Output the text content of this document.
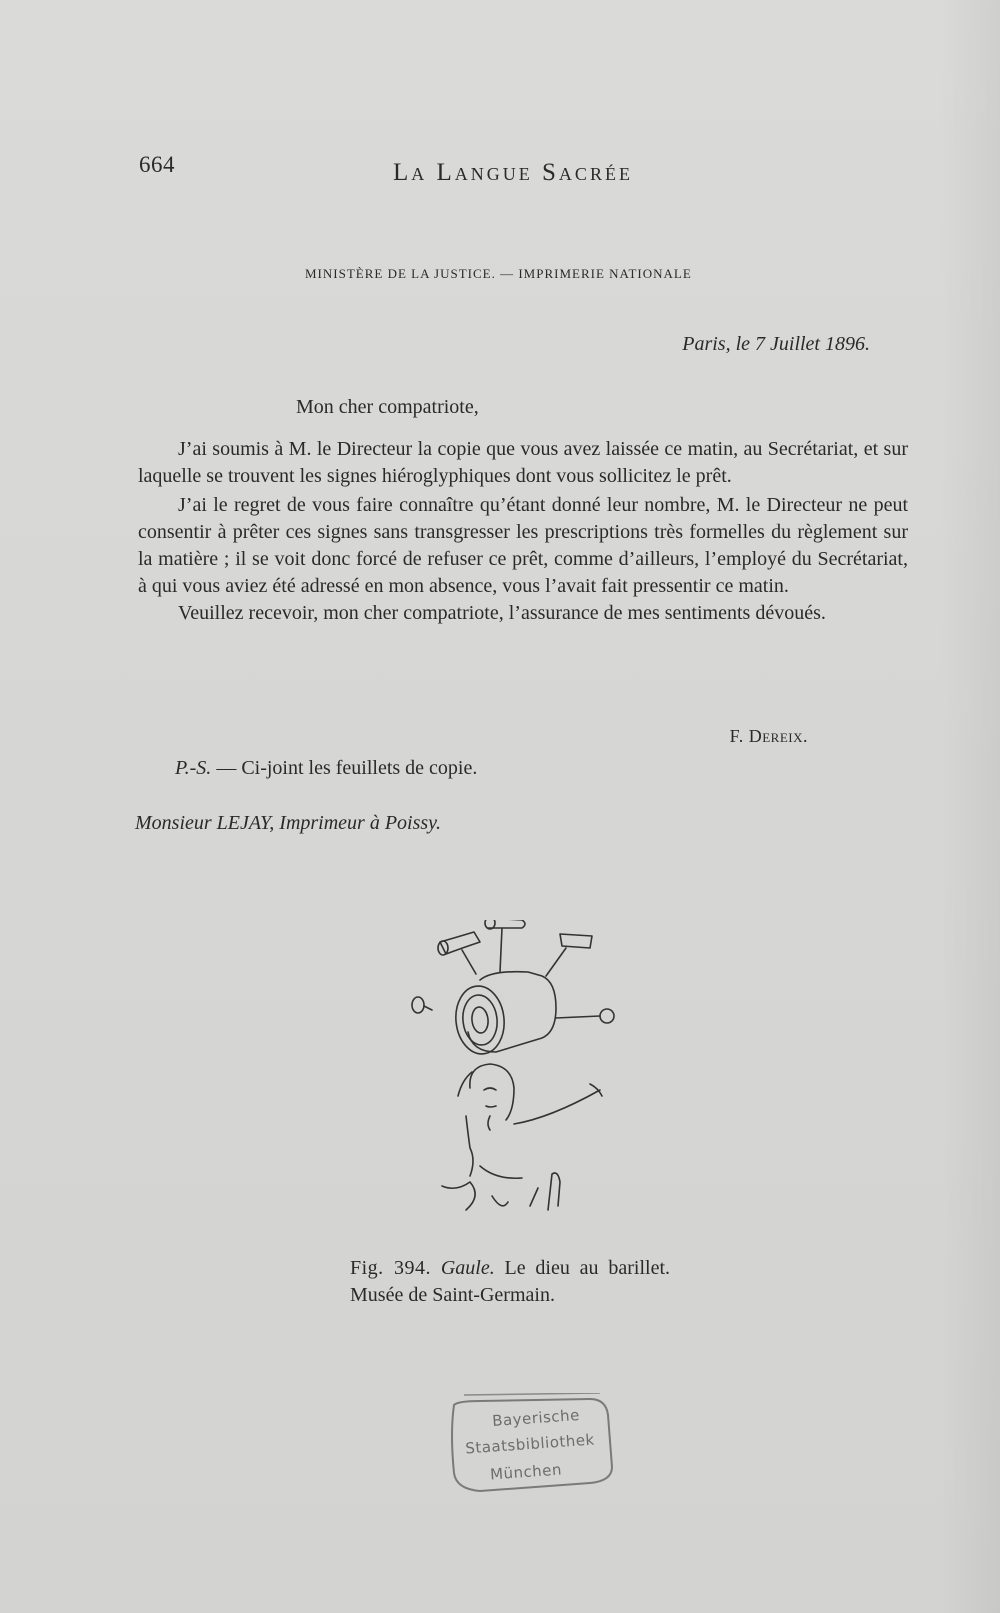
664	La Langue Sacrée
MINISTÈRE DE LA JUSTICE. — IMPRIMERIE NATIONALE
Paris, le 7 Juillet 1896.
Mon cher compatriote,

J’ai soumis à M. le Directeur la copie que vous avez laissée ce matin, au Secrétariat, et sur laquelle se trouvent les signes hiéroglyphiques dont vous sollicitez le prêt.

J’ai le regret de vous faire connaître qu’étant donné leur nombre, M. le Directeur ne peut consentir à prêter ces signes sans transgresser les prescriptions très formelles du règlement sur la matière ; il se voit donc forcé de refuser ce prêt, comme d’ailleurs, l’employé du Secrétariat, à qui vous aviez été adressé en mon absence, vous l’avait fait pressentir ce matin.

Veuillez recevoir, mon cher compatriote, l’assurance de mes sentiments dévoués.

F. Dereix.
P.-S. — Ci-joint les feuillets de copie.
Monsieur LEJAY, Imprimeur à Poissy.
Fig. 394. Gaule. Le dieu au barillet. Musée de Saint-Germain.
Bayerische
Staatsbibliothek
München
